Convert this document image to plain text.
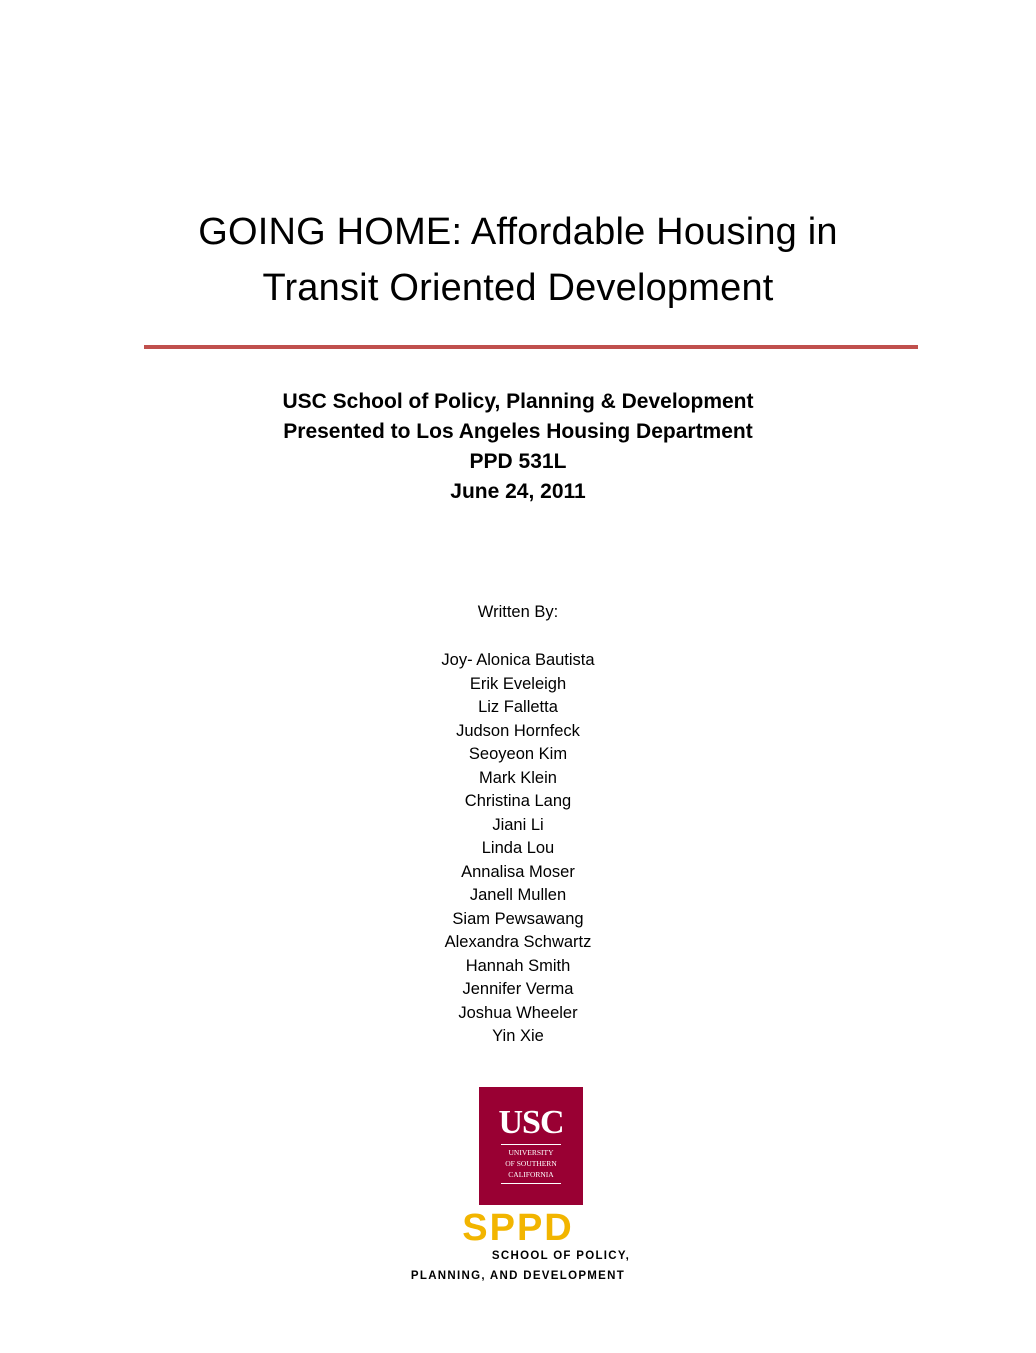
GOING HOME: Affordable Housing in
Transit Oriented Development
USC School of Policy, Planning & Development
Presented to Los Angeles Housing Department
PPD 531L
June 24, 2011
Written By:
Joy- Alonica Bautista
Erik Eveleigh
Liz Falletta
Judson Hornfeck
Seoyeon Kim
Mark Klein
Christina Lang
Jiani Li
Linda Lou
Annalisa Moser
Janell Mullen
Siam Pewsawang
Alexandra Schwartz
Hannah Smith
Jennifer Verma
Joshua Wheeler
Yin Xie
USC
UNIVERSITY
OF SOUTHERN
CALIFORNIA
SPPD
SCHOOL OF POLICY,
PLANNING, AND DEVELOPMENT
